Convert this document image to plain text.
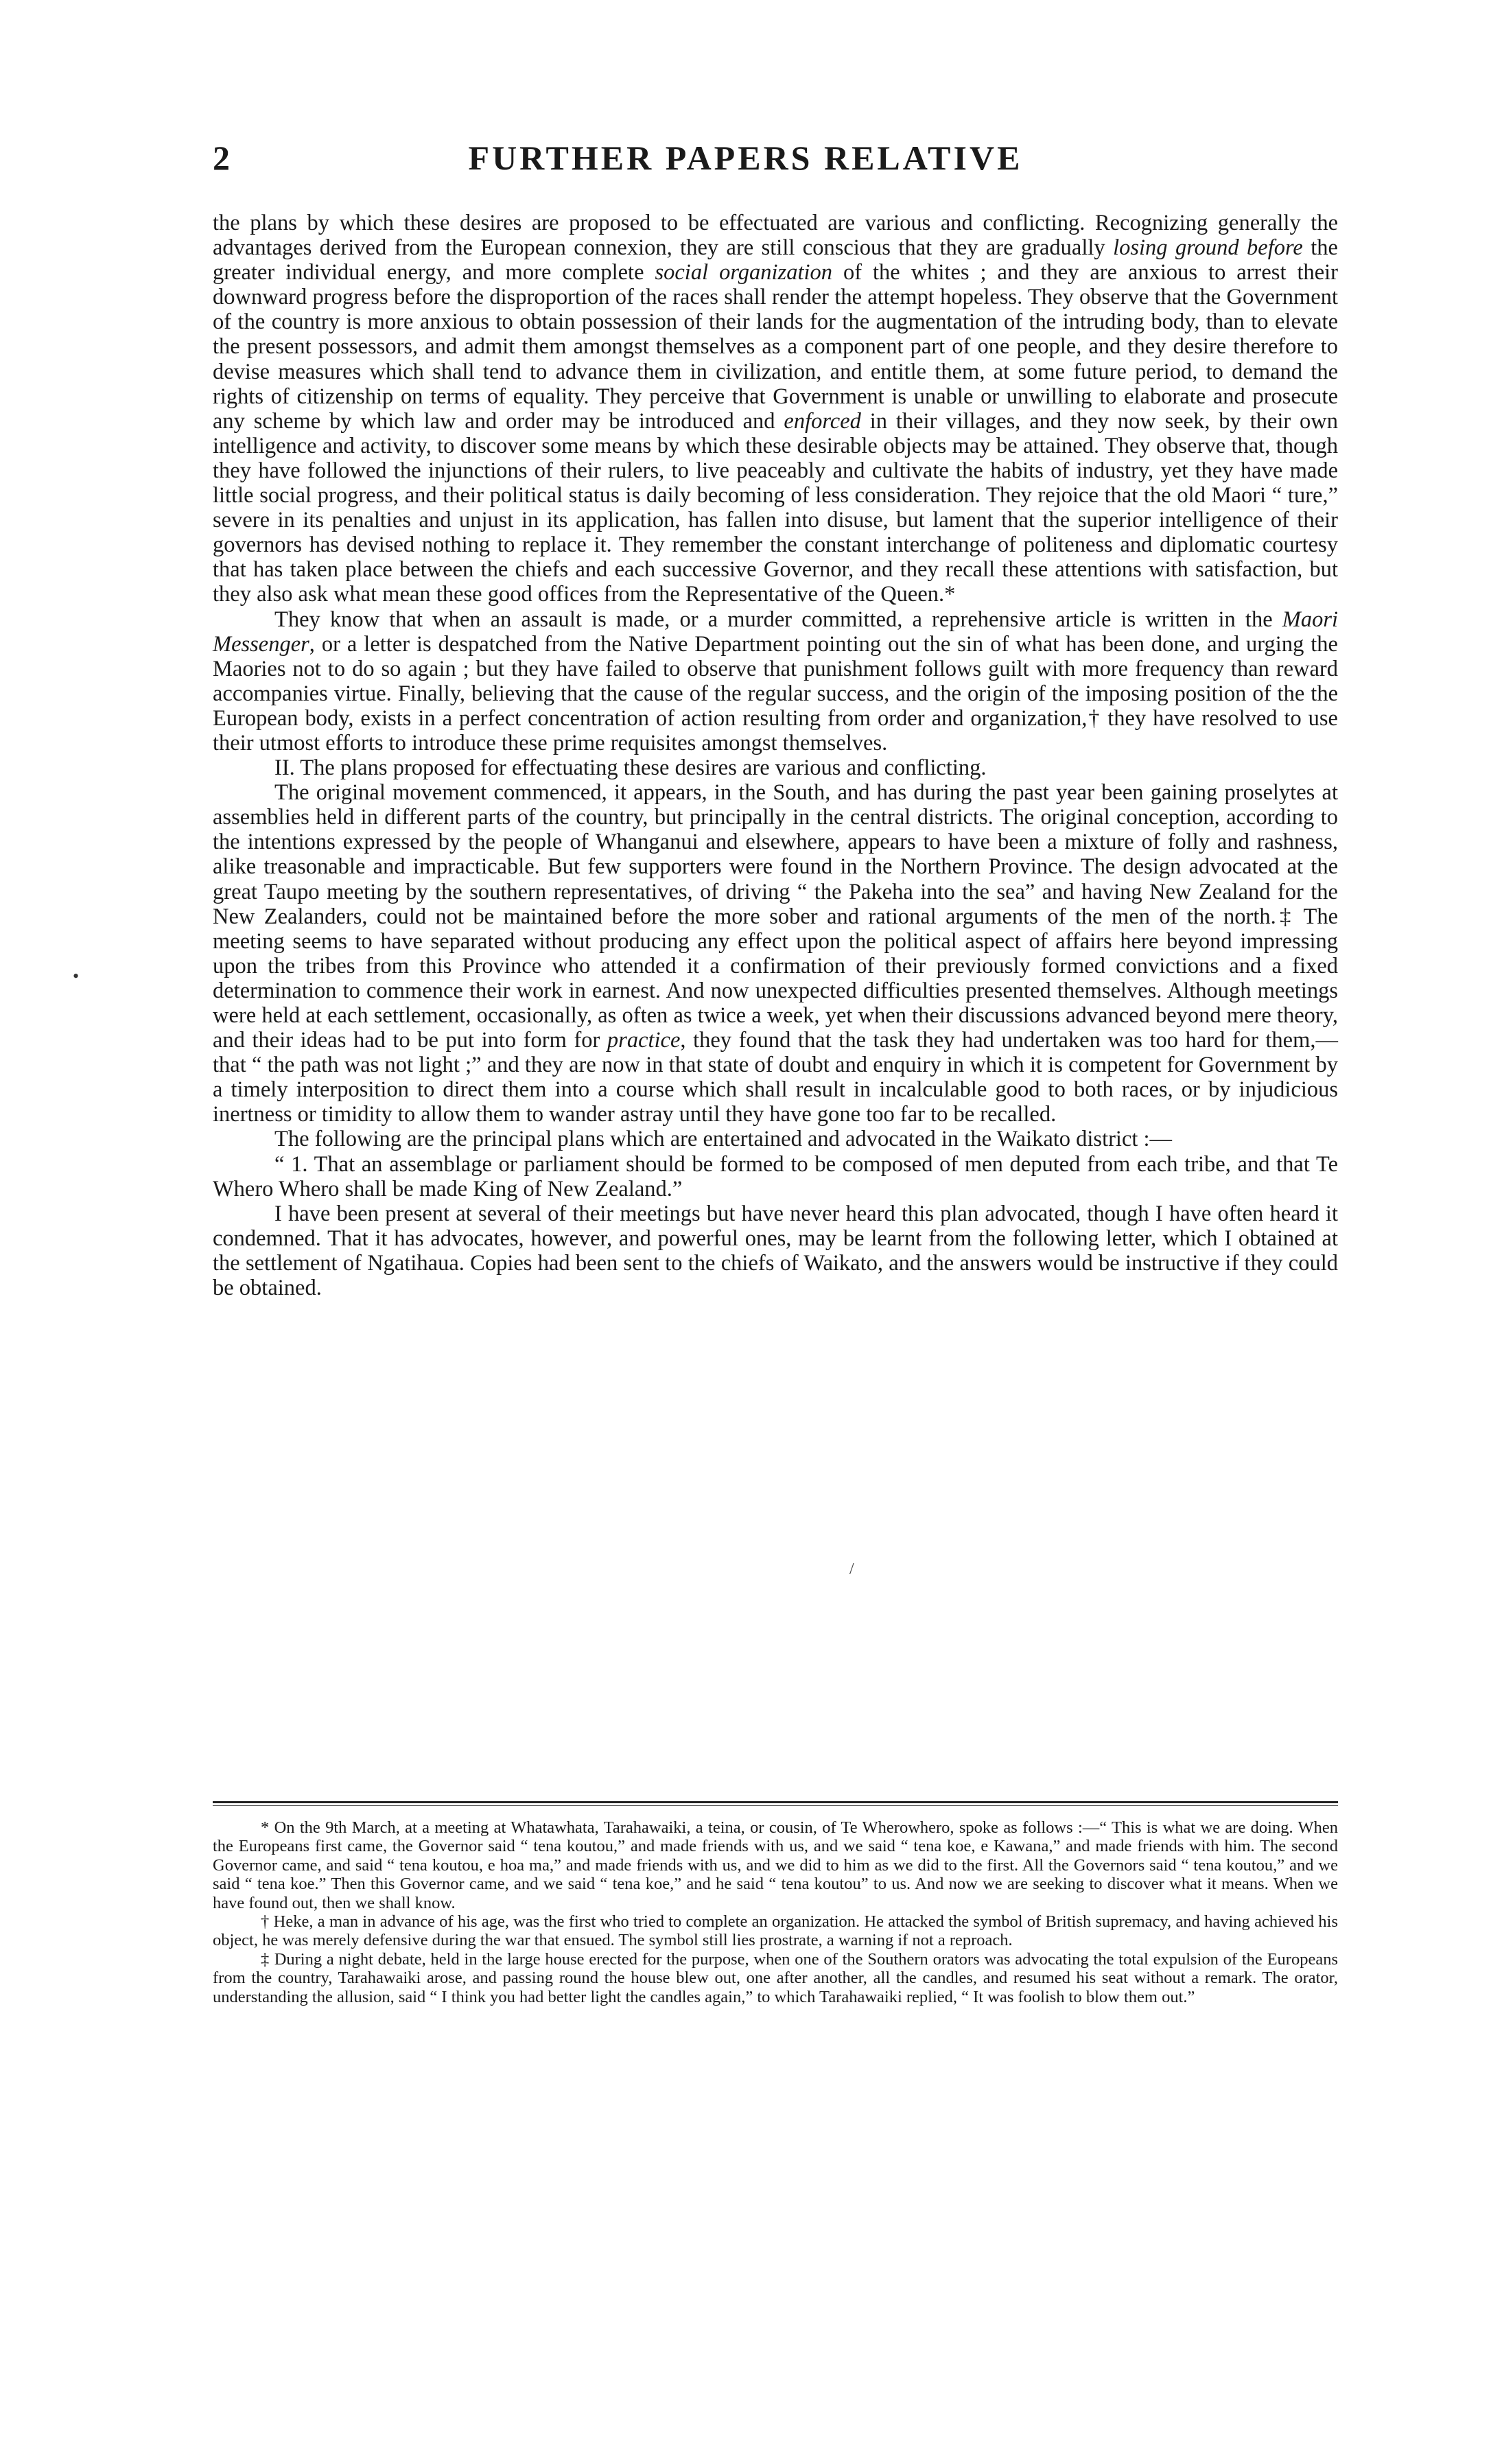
2	FURTHER PAPERS RELATIVE

the plans by which these desires are proposed to be effectuated are various and conflicting. Recognizing generally the advantages derived from the European connexion, they are still conscious that they are gradually losing ground before the greater individual energy, and more complete social organization of the whites ; and they are anxious to arrest their downward progress before the disproportion of the races shall render the attempt hopeless. They observe that the Government of the country is more anxious to obtain possession of their lands for the augmentation of the intruding body, than to elevate the present possessors, and admit them amongst themselves as a component part of one people, and they desire therefore to devise measures which shall tend to advance them in civilization, and entitle them, at some future period, to demand the rights of citizenship on terms of equality. They perceive that Government is unable or unwilling to elaborate and prosecute any scheme by which law and order may be introduced and enforced in their villages, and they now seek, by their own intelligence and activity, to discover some means by which these desirable objects may be attained. They observe that, though they have followed the injunctions of their rulers, to live peaceably and cultivate the habits of industry, yet they have made little social progress, and their political status is daily becoming of less consideration. They rejoice that the old Maori “ ture,” severe in its penalties and unjust in its application, has fallen into disuse, but lament that the superior intelligence of their governors has devised nothing to replace it. They remember the constant interchange of politeness and diplomatic courtesy that has taken place between the chiefs and each successive Governor, and they recall these attentions with satisfaction, but they also ask what mean these good offices from the Representative of the Queen.*

They know that when an assault is made, or a murder committed, a reprehensive article is written in the Maori Messenger, or a letter is despatched from the Native Department pointing out the sin of what has been done, and urging the Maories not to do so again ; but they have failed to observe that punishment follows guilt with more frequency than reward accompanies virtue. Finally, believing that the cause of the regular success, and the origin of the imposing position of the the European body, exists in a perfect concentration of action resulting from order and organization,† they have resolved to use their utmost efforts to introduce these prime requisites amongst themselves.

II. The plans proposed for effectuating these desires are various and conflicting.

The original movement commenced, it appears, in the South, and has during the past year been gaining proselytes at assemblies held in different parts of the country, but principally in the central districts. The original conception, according to the intentions expressed by the people of Whanganui and elsewhere, appears to have been a mixture of folly and rashness, alike treasonable and impracticable. But few supporters were found in the Northern Province. The design advocated at the great Taupo meeting by the southern representatives, of driving “ the Pakeha into the sea” and having New Zealand for the New Zealanders, could not be maintained before the more sober and rational arguments of the men of the north.‡ The meeting seems to have separated without producing any effect upon the political aspect of affairs here beyond impressing upon the tribes from this Province who attended it a confirmation of their previously formed convictions and a fixed determination to commence their work in earnest. And now unexpected difficulties presented themselves. Although meetings were held at each settlement, occasionally, as often as twice a week, yet when their discussions advanced beyond mere theory, and their ideas had to be put into form for practice, they found that the task they had undertaken was too hard for them,— that “ the path was not light ;” and they are now in that state of doubt and enquiry in which it is competent for Government by a timely interposition to direct them into a course which shall result in incalculable good to both races, or by injudicious inertness or timidity to allow them to wander astray until they have gone too far to be recalled.

The following are the principal plans which are entertained and advocated in the Waikato district :—

“ 1. That an assemblage or parliament should be formed to be composed of men deputed from each tribe, and that Te Whero Whero shall be made King of New Zealand.”

I have been present at several of their meetings but have never heard this plan advocated, though I have often heard it condemned. That it has advocates, however, and powerful ones, may be learnt from the following letter, which I obtained at the settlement of Ngatihaua. Copies had been sent to the chiefs of Waikato, and the answers would be instructive if they could be obtained.

* On the 9th March, at a meeting at Whatawhata, Tarahawaiki, a teina, or cousin, of Te Wherowhero, spoke as follows :—“ This is what we are doing. When the Europeans first came, the Governor said “ tena koutou,” and made friends with us, and we said “ tena koe, e Kawana,” and made friends with him. The second Governor came, and said “ tena koutou, e hoa ma,” and made friends with us, and we did to him as we did to the first. All the Governors said “ tena koutou,” and we said “ tena koe.” Then this Governor came, and we said “ tena koe,” and he said “ tena koutou” to us. And now we are seeking to discover what it means. When we have found out, then we shall know.

† Heke, a man in advance of his age, was the first who tried to complete an organization. He attacked the symbol of British supremacy, and having achieved his object, he was merely defensive during the war that ensued. The symbol still lies prostrate, a warning if not a reproach.

‡ During a night debate, held in the large house erected for the purpose, when one of the Southern orators was advocating the total expulsion of the Europeans from the country, Tarahawaiki arose, and passing round the house blew out, one after another, all the candles, and resumed his seat without a remark. The orator, understanding the allusion, said “ I think you had better light the candles again,” to which Tarahawaiki replied, “ It was foolish to blow them out.”

•
/
